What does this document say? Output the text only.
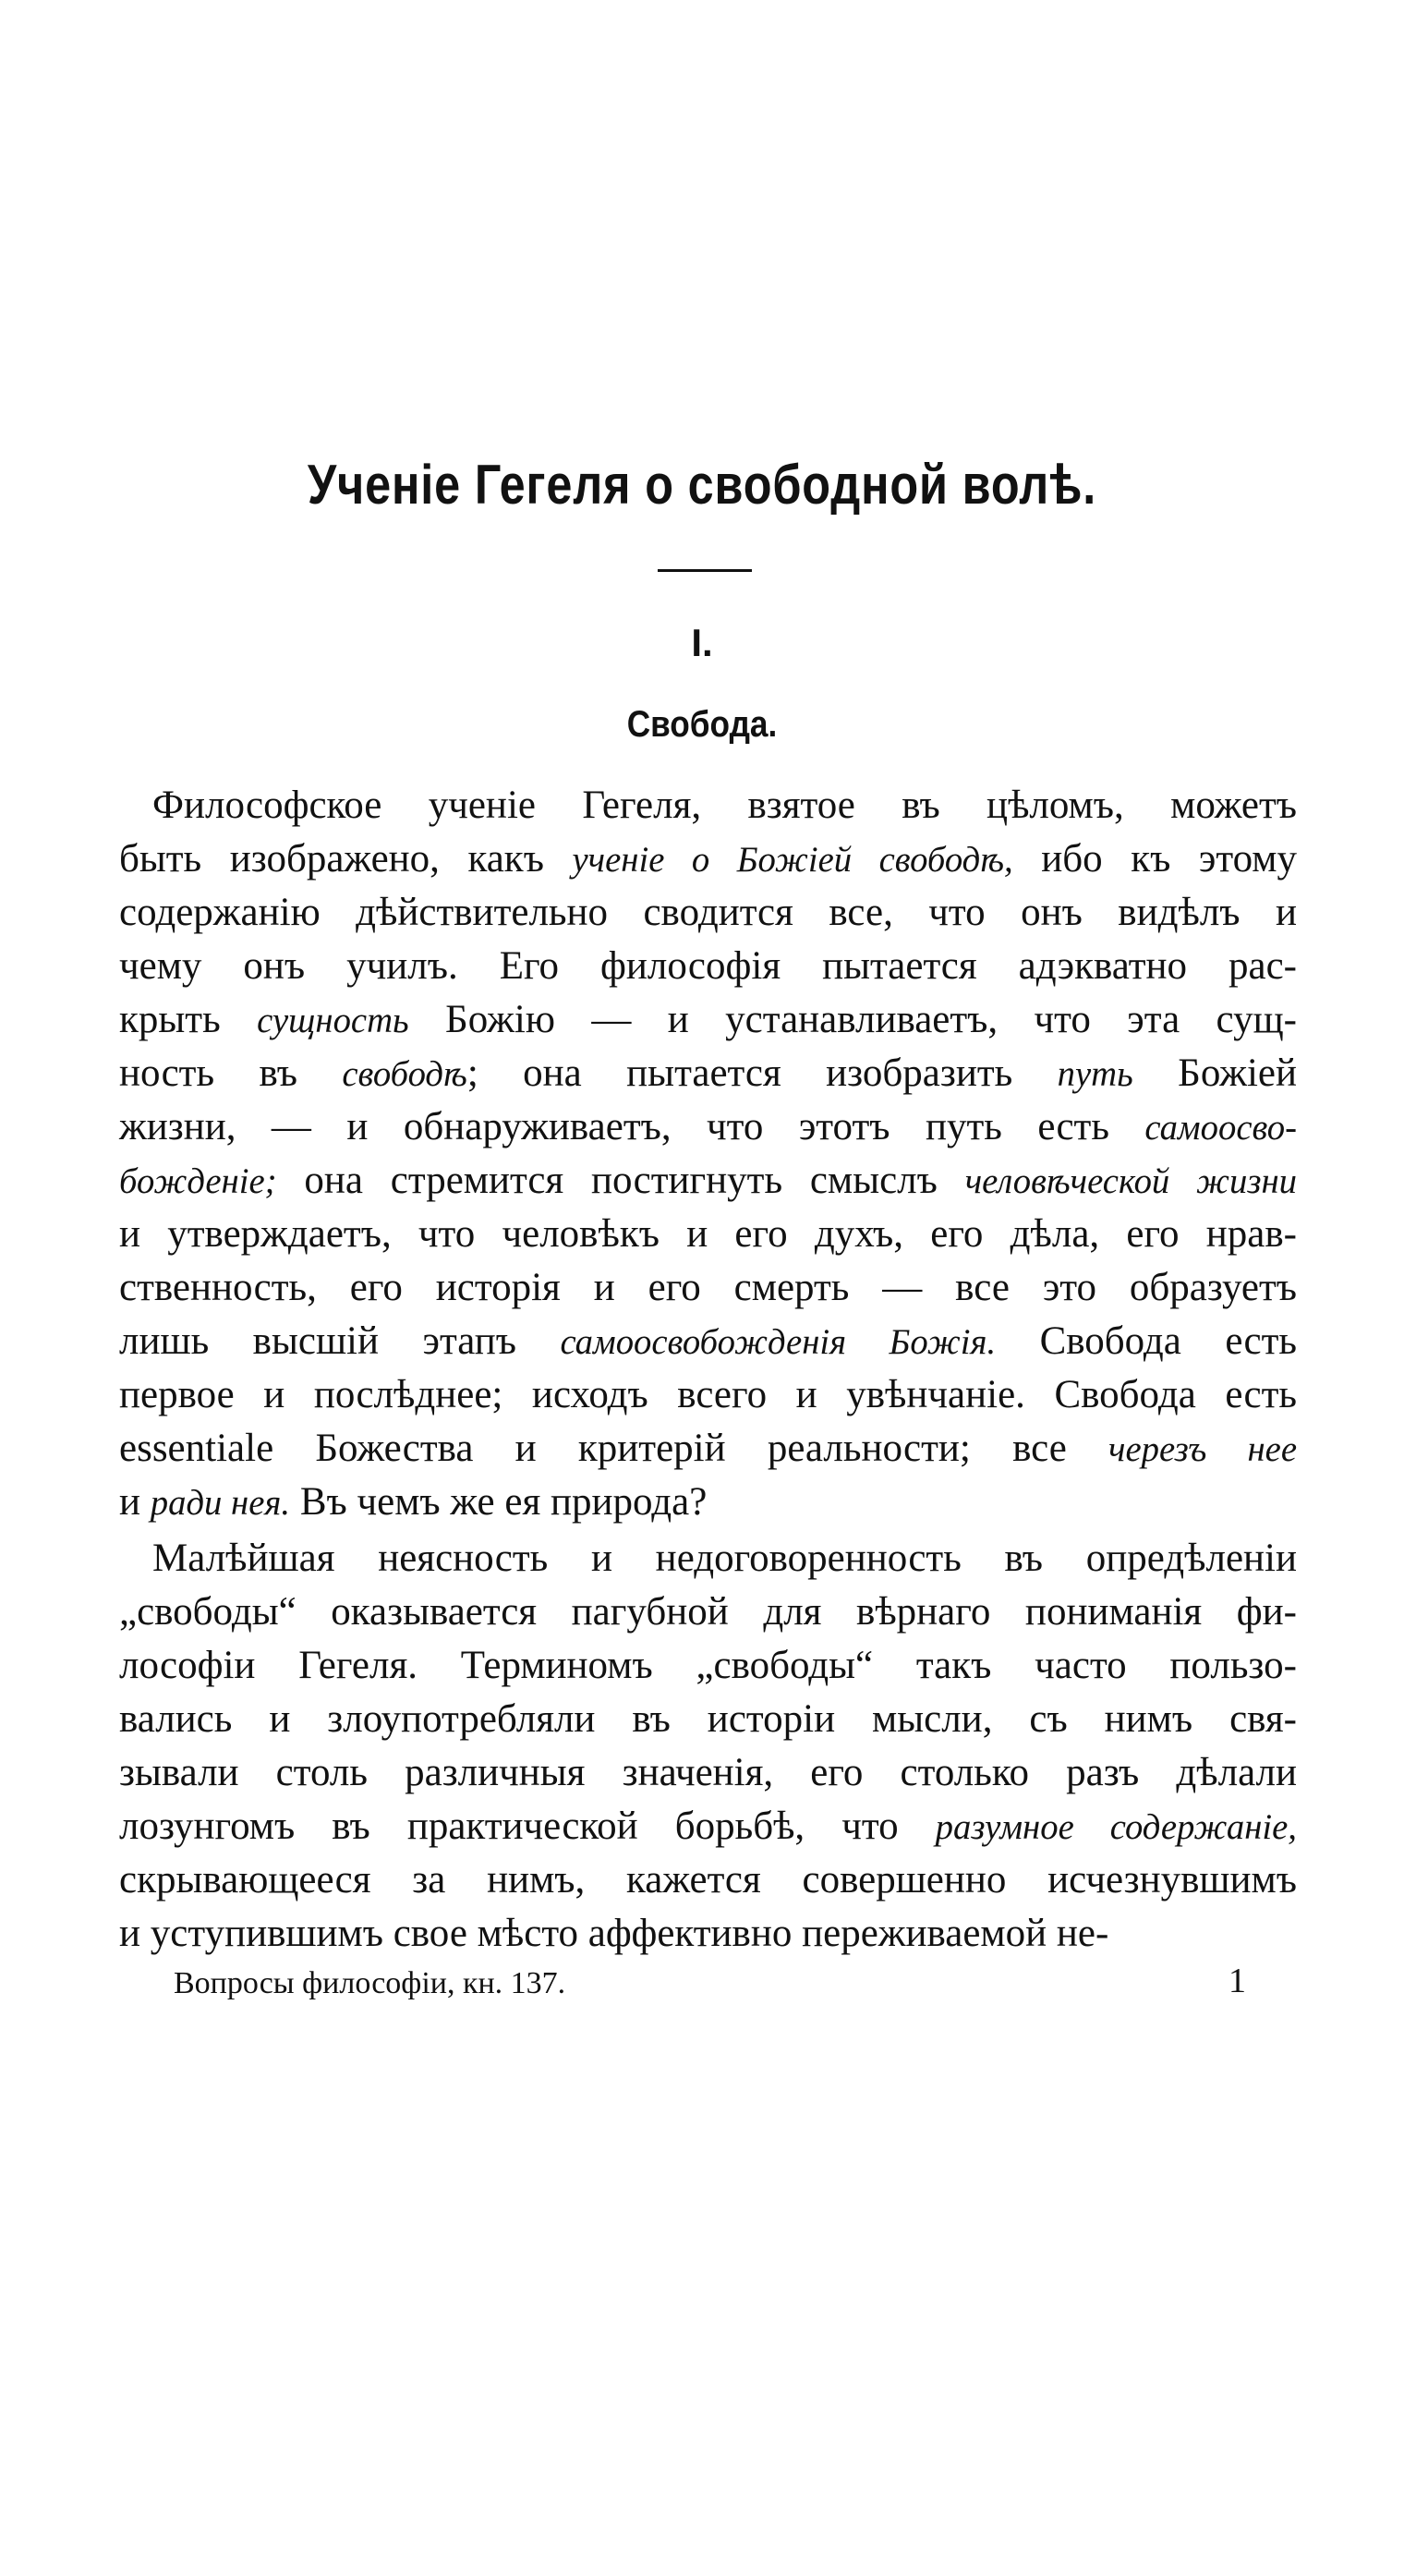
Ученіе Гегеля о свободной волѣ.
I.
Свобода.
Философское ученіе Гегеля, взятое въ цѣломъ, можетъ
быть изображено, какъ ученіе о Божіей свободѣ, ибо къ этому
содержанію дѣйствительно сводится все, что онъ видѣлъ и
чему онъ училъ. Его философія пытается адэкватно рас-
крыть сущность Божію — и устанавливаетъ, что эта сущ-
ность въ свободѣ; она пытается изобразить путь Божіей
жизни, — и обнаруживаетъ, что этотъ путь есть самоосво-
божденіе; она стремится постигнуть смыслъ человѣческой жизни
и утверждаетъ, что человѣкъ и его духъ, его дѣла, его нрав-
ственность, его исторія и его смерть — все это образуетъ
лишь высшій этапъ самоосвобожденія Божія. Свобода есть
первое и послѣднее; исходъ всего и увѣнчаніе. Свобода есть
essentiale Божества и критерій реальности; все черезъ нее
и ради нея. Въ чемъ же ея природа?
Малѣйшая неясность и недоговоренность въ опредѣленіи
„свободы“ оказывается пагубной для вѣрнаго пониманія фи-
лософіи Гегеля. Терминомъ „свободы“ такъ часто пользо-
вались и злоупотребляли въ исторіи мысли, съ нимъ свя-
зывали столь различныя значенія, его столько разъ дѣлали
лозунгомъ въ практической борьбѣ, что разумное содержаніе,
скрывающееся за нимъ, кажется совершенно исчезнувшимъ
и уступившимъ свое мѣсто аффективно переживаемой не-
Вопросы философіи, кн. 137.	1
